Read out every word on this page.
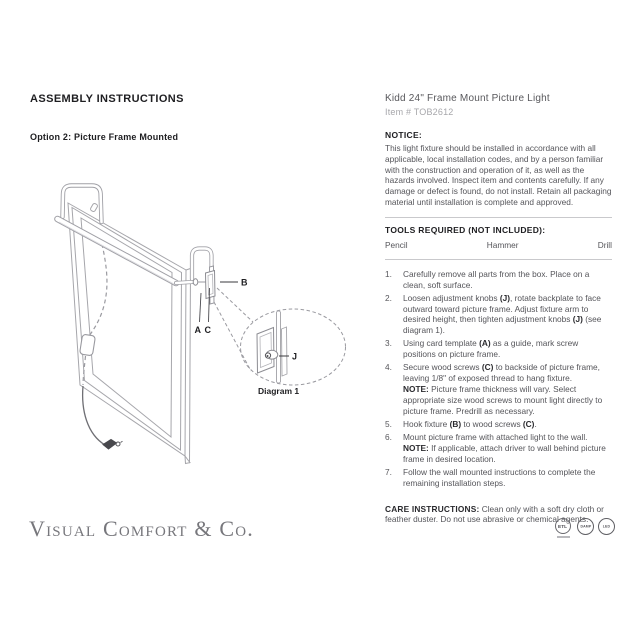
ASSEMBLY INSTRUCTIONS
Option 2: Picture Frame Mounted
B
A C
J
Diagram 1
Kidd 24" Frame Mount Picture Light
Item # TOB2612
NOTICE:
This light fixture should be installed in accordance with all applicable, local installation codes, and by a person familiar with the construction and operation of it, as well as the hazards involved. Inspect item and contents carefully. If any damage or defect is found, do not install. Retain all packaging material until installation is complete and approved.
TOOLS REQUIRED (NOT INCLUDED):
Pencil	Hammer	Drill
1.	Carefully remove all parts from the box. Place on a clean, soft surface.
2.	Loosen adjustment knobs (J), rotate backplate to face outward toward picture frame. Adjust fixture arm to desired height, then tighten adjustment knobs (J) (see diagram 1).
3.	Using card template (A) as a guide, mark screw positions on picture frame.
4.	Secure wood screws (C) to backside of picture frame, leaving 1/8" of exposed thread to hang fixture.
NOTE: Picture frame thickness will vary. Select appropriate size wood screws to mount light directly to picture frame. Predrill as necessary.
5.	Hook fixture (B) to wood screws (C).
6.	Mount picture frame with attached light to the wall.
NOTE: If applicable, attach driver to wall behind picture frame in desired location.
7.	Follow the wall mounted instructions to complete the remaining installation steps.
CARE INSTRUCTIONS: Clean only with a soft dry cloth or feather duster. Do not use abrasive or chemical agents.
Visual Comfort & Co.	ETL DAMP LED
